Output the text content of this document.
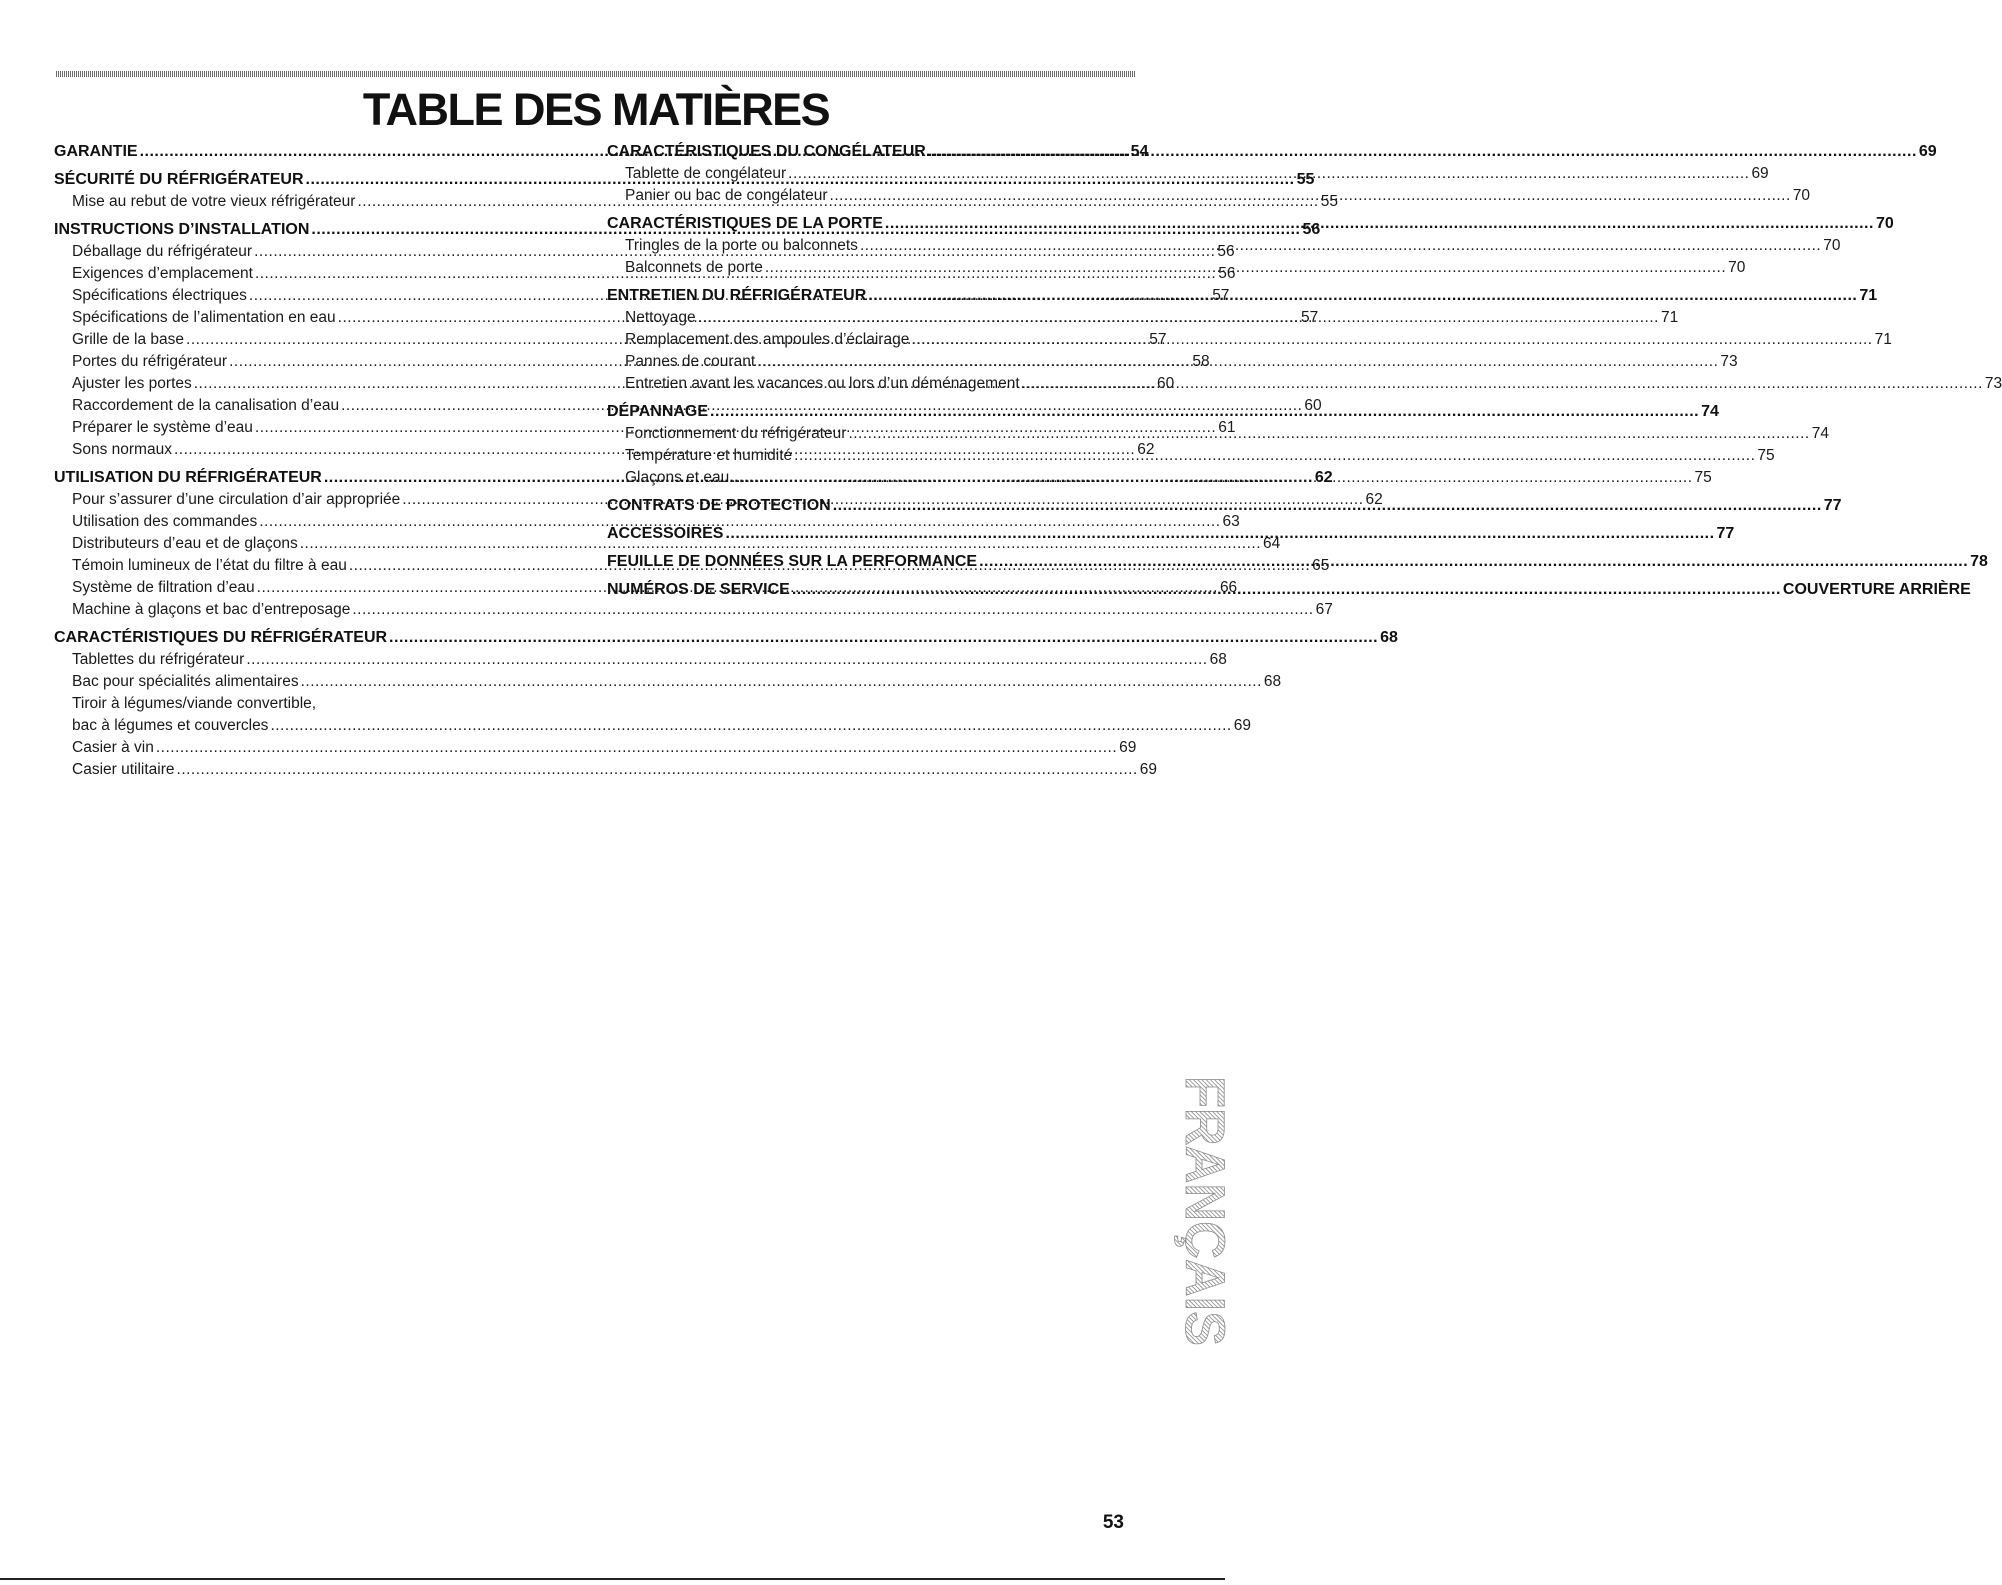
TABLE DES MATIÈRES
GARANTIE .....	54
SÉCURITÉ DU RÉFRIGÉRATEUR .....	55
Mise au rebut de votre vieux réfrigérateur .....	55
INSTRUCTIONS D’INSTALLATION .....	56
Déballage du réfrigérateur .....	56
Exigences d’emplacement .....	56
Spécifications électriques .....	57
Spécifications de l’alimentation en eau .....	57
Grille de la base .....	57
Portes du réfrigérateur .....	58
Ajuster les portes .....	60
Raccordement de la canalisation d’eau .....	60
Préparer le système d’eau .....	61
Sons normaux .....	62
UTILISATION DU RÉFRIGÉRATEUR .....	62
Pour s’assurer d’une circulation d’air appropriée .....	62
Utilisation des commandes .....	63
Distributeurs d’eau et de glaçons .....	64
Témoin lumineux de l’état du filtre à eau .....	65
Système de filtration d’eau .....	66
Machine à glaçons et bac d’entreposage .....	67
CARACTÉRISTIQUES DU RÉFRIGÉRATEUR .....	68
Tablettes du réfrigérateur .....	68
Bac pour spécialités alimentaires .....	68
Tiroir à légumes/viande convertible,
bac à légumes et couvercles .....	69
Casier à vin .....	69
Casier utilitaire .....	69
CARACTÉRISTIQUES DU CONGÉLATEUR .....	69
Tablette de congélateur .....	69
Panier ou bac de congélateur .....	70
CARACTÉRISTIQUES DE LA PORTE .....	70
Tringles de la porte ou balconnets .....	70
Balconnets de porte .....	70
ENTRETIEN DU RÉFRIGÉRATEUR .....	71
Nettoyage .....	71
Remplacement des ampoules d’éclairage .....	71
Pannes de courant .....	73
Entretien avant les vacances ou lors d’un déménagement .....	73
DÉPANNAGE .....	74
Fonctionnement du réfrigérateur .....	74
Température et humidité .....	75
Glaçons et eau .....	75
CONTRATS DE PROTECTION .....	77
ACCESSOIRES .....	77
FEUILLE DE DONNÉES SUR LA PERFORMANCE .....	78
NUMÉROS DE SERVICE .....	COUVERTURE ARRIÈRE
FRANÇAIS
53
